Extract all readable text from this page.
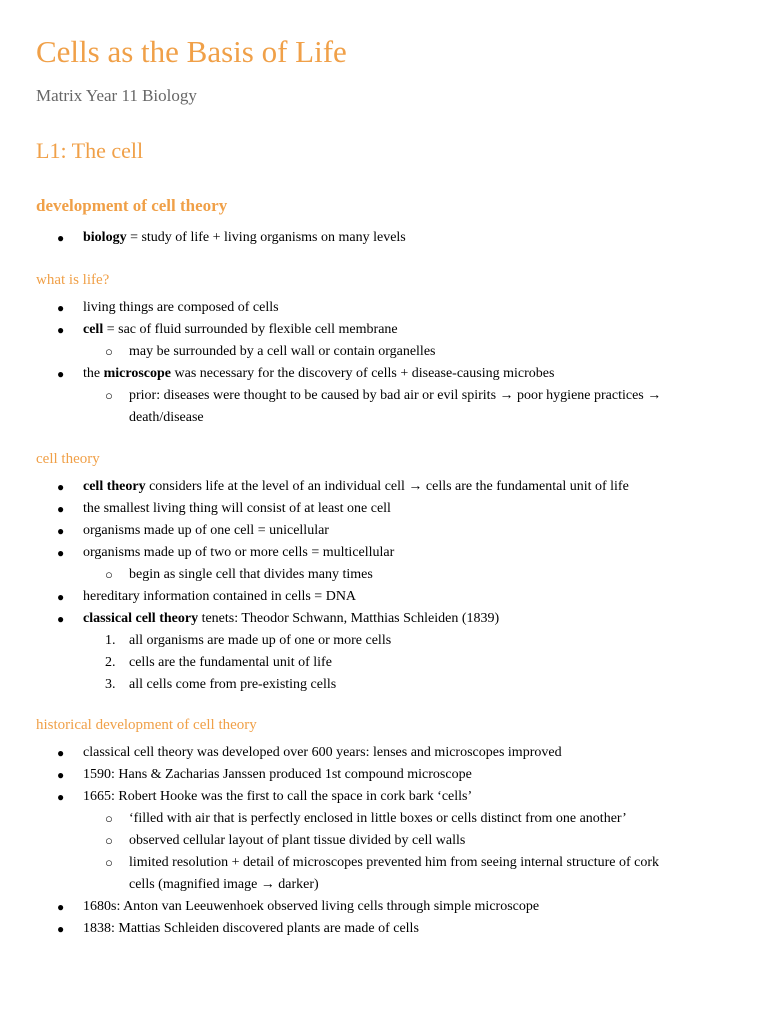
Cells as the Basis of Life
Matrix Year 11 Biology
L1: The cell
development of cell theory
● biology = study of life + living organisms on many levels
what is life?
● living things are composed of cells
● cell = sac of fluid surrounded by flexible cell membrane
○ may be surrounded by a cell wall or contain organelles
● the microscope was necessary for the discovery of cells + disease-causing microbes
○ prior: diseases were thought to be caused by bad air or evil spirits → poor hygiene practices →
death/disease
cell theory
● cell theory considers life at the level of an individual cell → cells are the fundamental unit of life
● the smallest living thing will consist of at least one cell
● organisms made up of one cell = unicellular
● organisms made up of two or more cells = multicellular
○ begin as single cell that divides many times
● hereditary information contained in cells = DNA
● classical cell theory tenets: Theodor Schwann, Matthias Schleiden (1839)
1. all organisms are made up of one or more cells
2. cells are the fundamental unit of life
3. all cells come from pre-existing cells
historical development of cell theory
● classical cell theory was developed over 600 years: lenses and microscopes improved
● 1590: Hans & Zacharias Janssen produced 1st compound microscope
● 1665: Robert Hooke was the first to call the space in cork bark ‘cells’
○ ‘filled with air that is perfectly enclosed in little boxes or cells distinct from one another’
○ observed cellular layout of plant tissue divided by cell walls
○ limited resolution + detail of microscopes prevented him from seeing internal structure of cork
cells (magnified image → darker)
● 1680s: Anton van Leeuwenhoek observed living cells through simple microscope
● 1838: Mattias Schleiden discovered plants are made of cells
